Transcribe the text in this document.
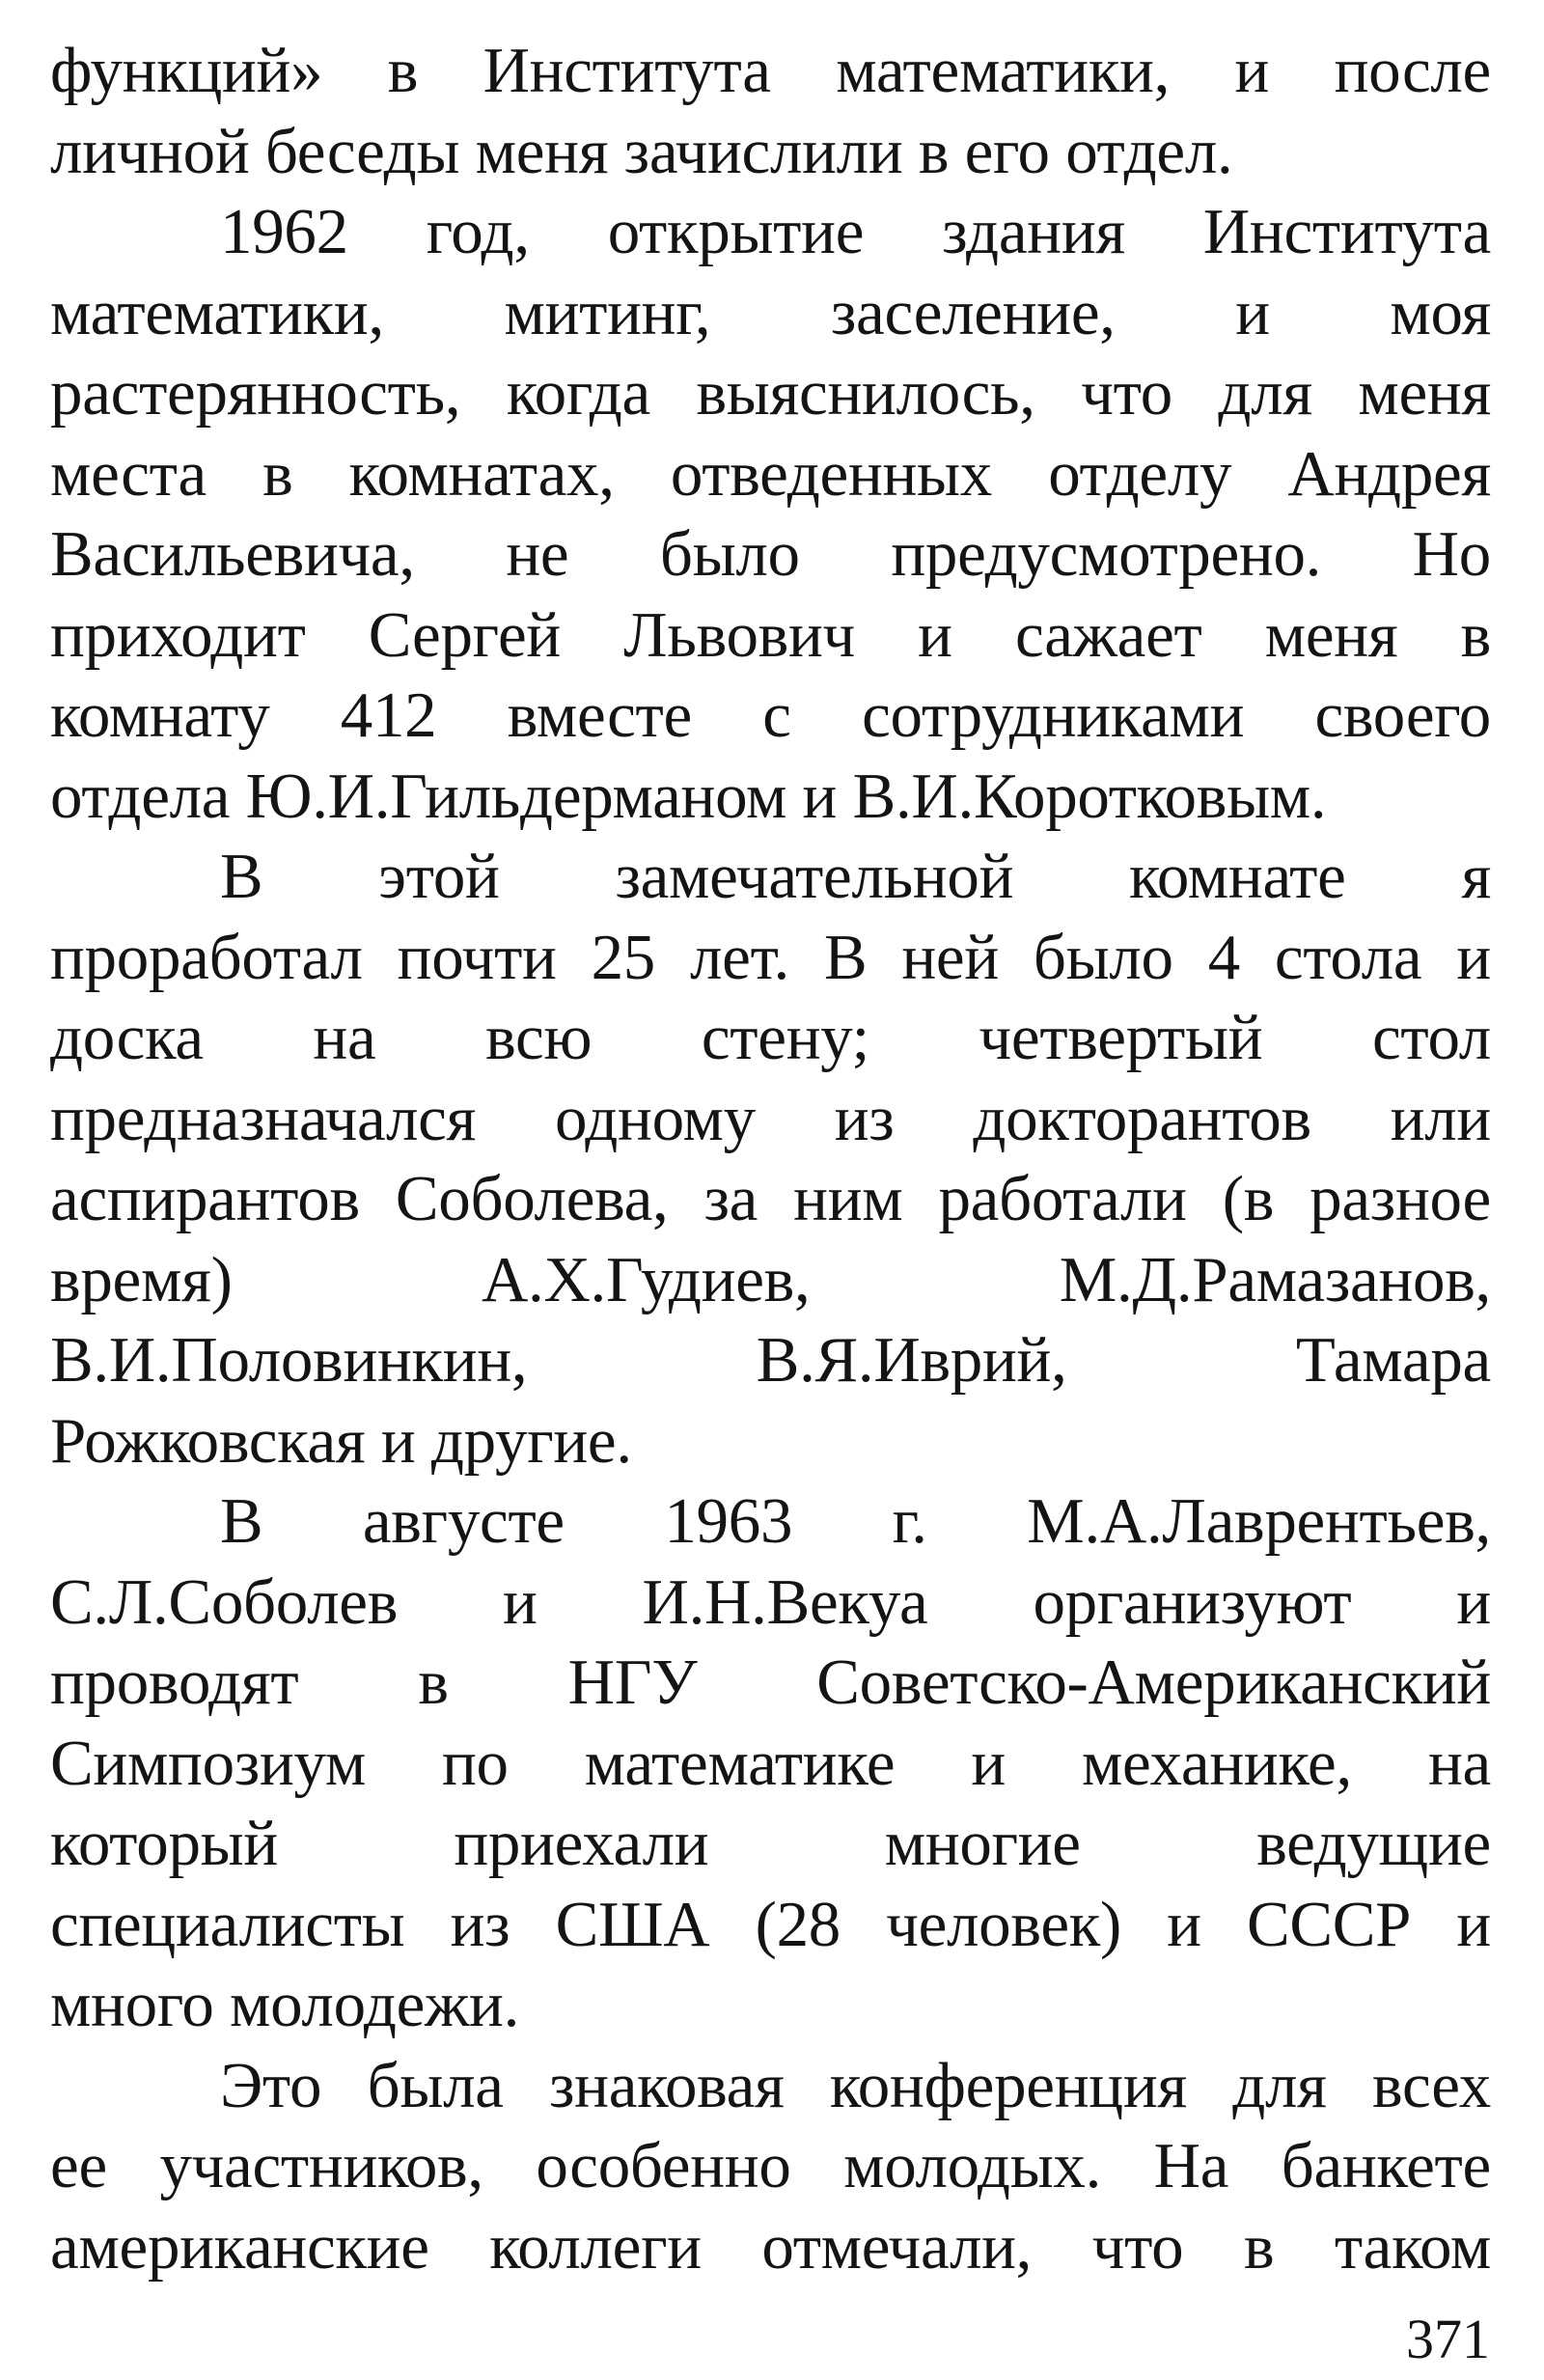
функций» в Института математики, и после
личной беседы меня зачислили в его отдел.
1962 год, открытие здания Института
математики, митинг, заселение, и моя
растерянность, когда выяснилось, что для меня
места в комнатах, отведенных отделу Андрея
Васильевича, не было предусмотрено. Но
приходит Сергей Львович и сажает меня в
комнату 412 вместе с сотрудниками своего
отдела Ю.И.Гильдерманом и В.И.Коротковым.
В этой замечательной комнате я
проработал почти 25 лет. В ней было 4 стола и
доска на всю стену; четвертый стол
предназначался одному из докторантов или
аспирантов Соболева, за ним работали (в разное
время)	А.Х.Гудиев,	М.Д.Рамазанов,
В.И.Половинкин,	В.Я.Иврий,	Тамара
Рожковская и другие.
В августе 1963 г. М.А.Лаврентьев,
С.Л.Соболев и И.Н.Векуа организуют и
проводят в НГУ Советско-Американский
Симпозиум по математике и механике, на
который	приехали	многие	ведущие
специалисты из США (28 человек) и СССР и
много молодежи.
Это была знаковая конференция для всех
ее участников, особенно молодых. На банкете
американские коллеги отмечали, что в таком
371
